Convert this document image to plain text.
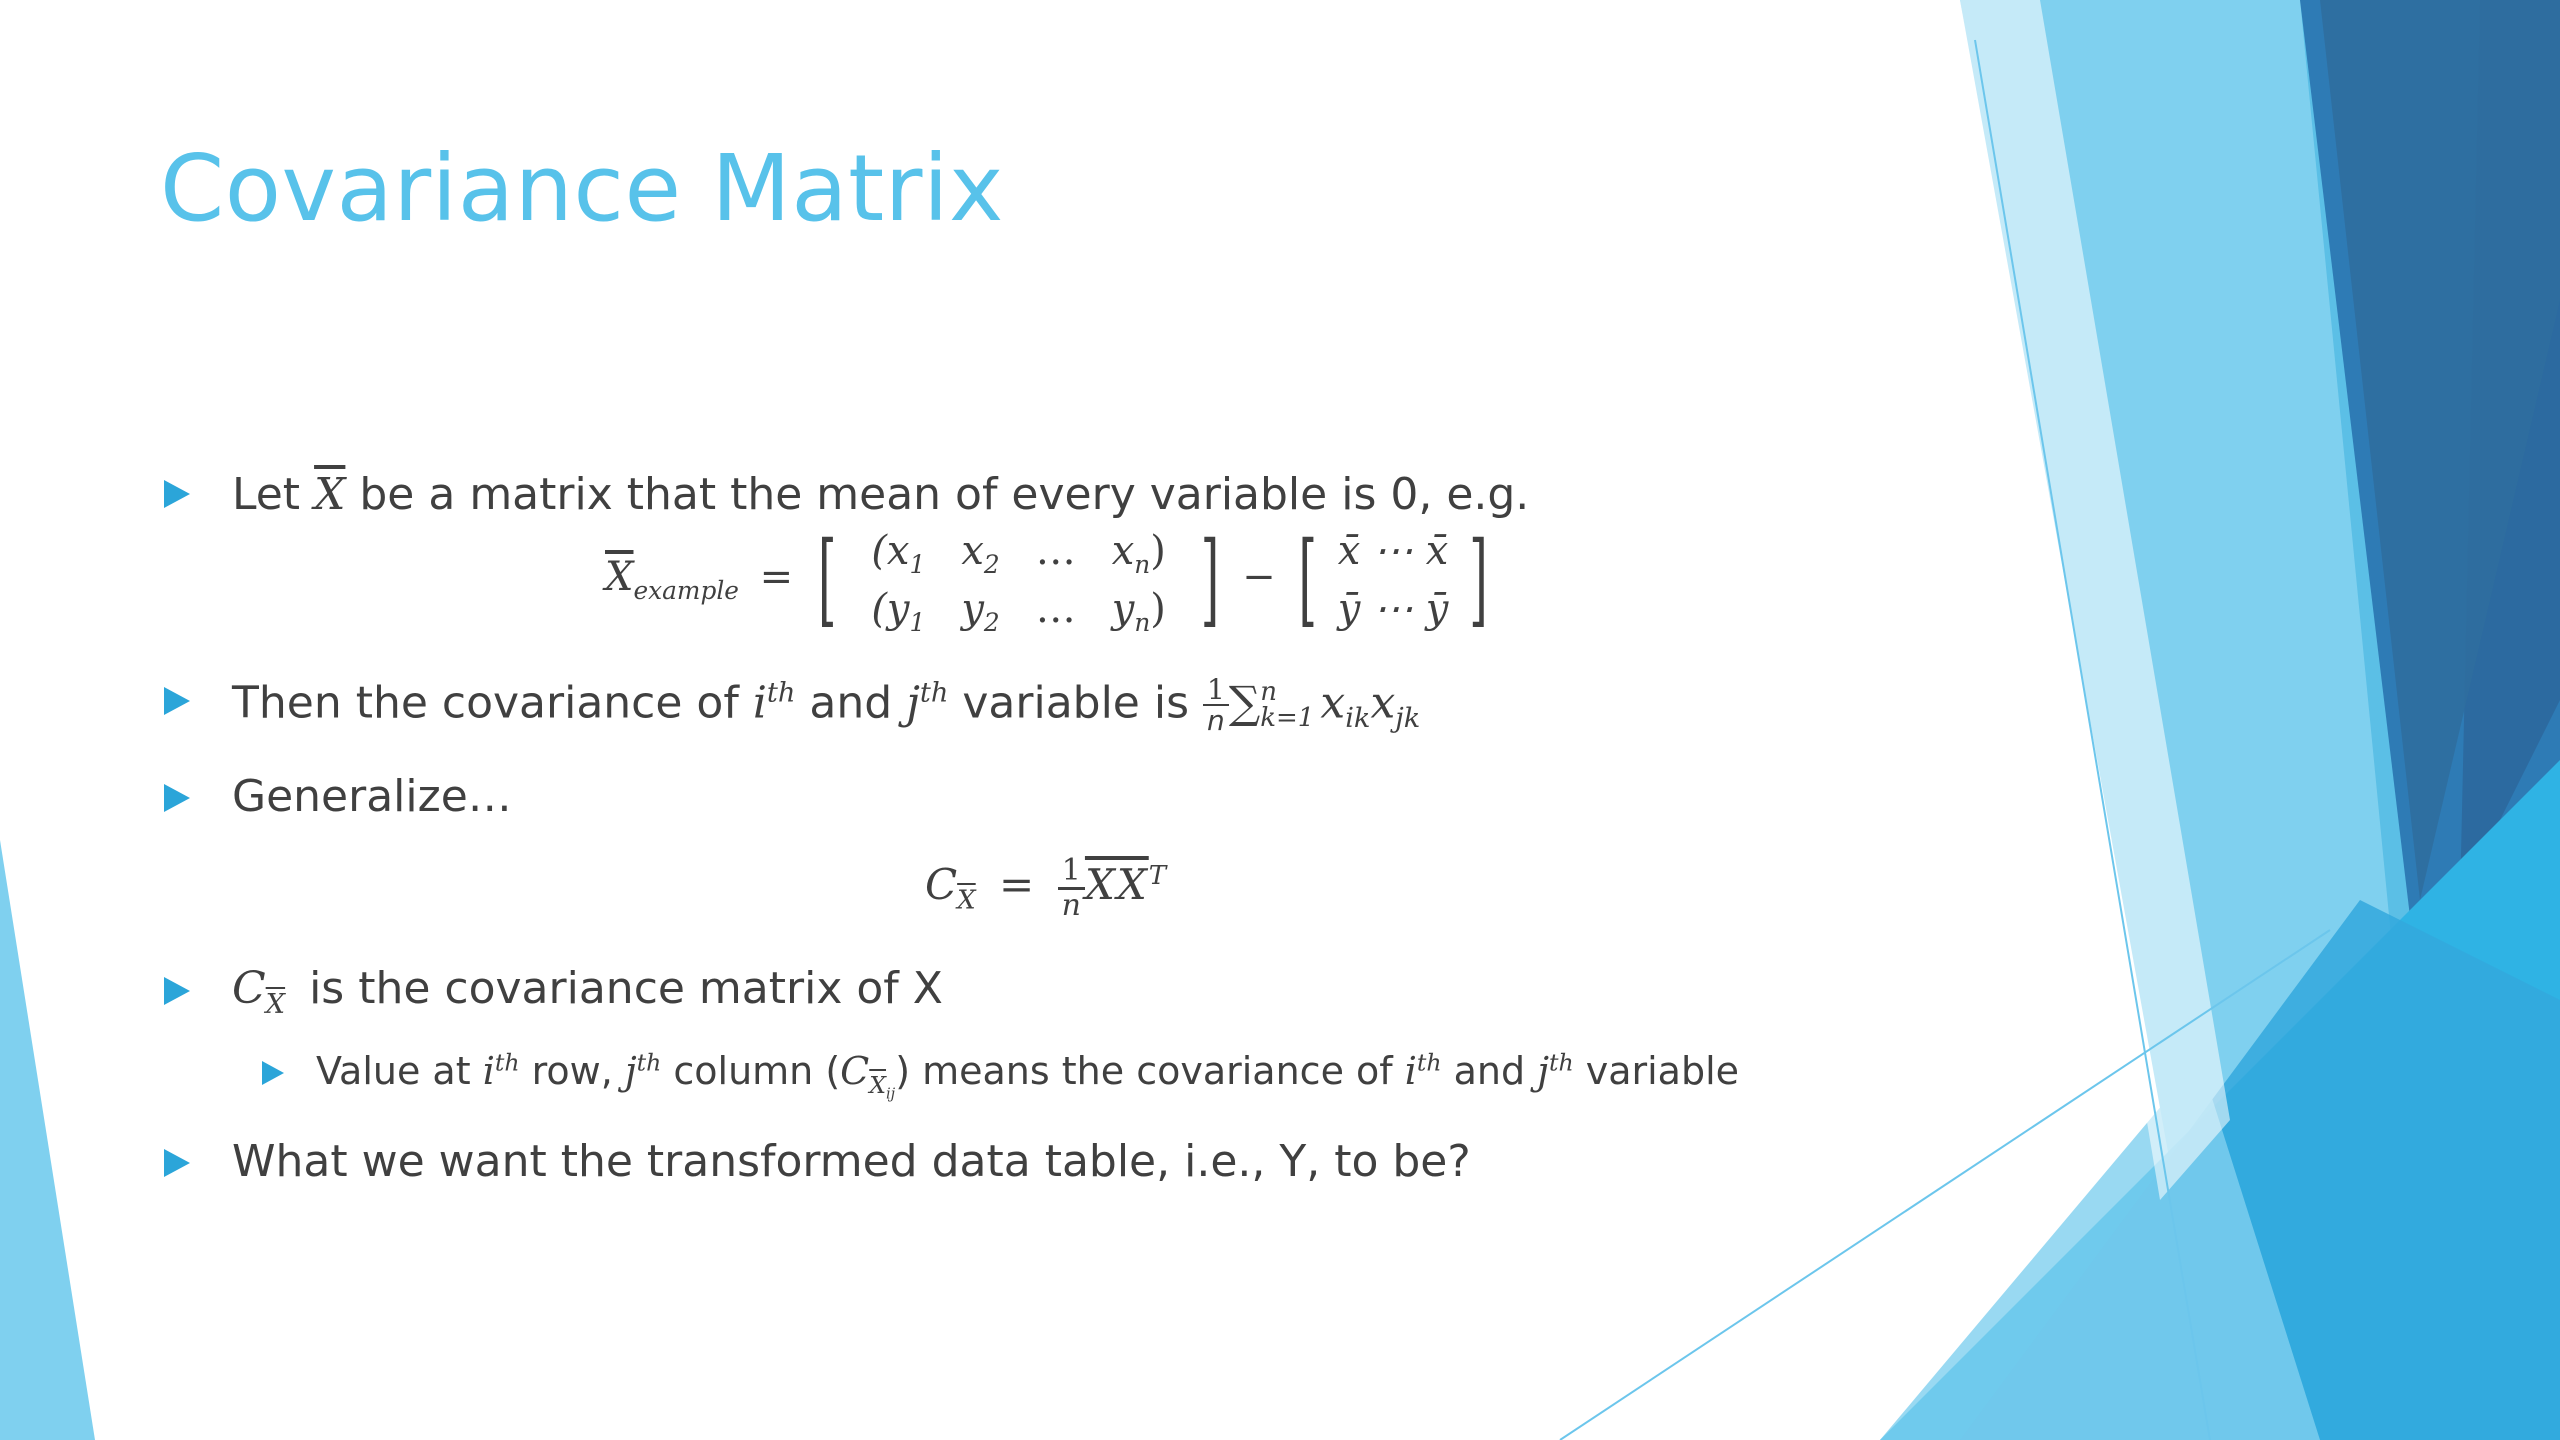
Covariance Matrix
Let $\overline{X}$ be a matrix that the mean of every variable is 0, e.g.
$\overline{X}_{example}$ = [ ($x_1$	$x_2$	…	$x_n$)
($y_1$	$y_2$	…	$y_n$) ] − [ x̄ ⋯ x̄
ȳ ⋯ ȳ ]
Then the covariance of $i^{th}$ and $j^{th}$ variable is $\frac{1}{n}$ ∑ n
k=1 $x_{ik}x_{jk}$
Generalize…
$C_{\overline{X}} = \frac{1}{n} \overline{XX}^T$
$C_{\overline{X}}$ is the covariance matrix of X
Value at $i^{th}$ row, $j^{th}$ column $(C_{\overline{X}_{ij}})$ means the covariance of $i^{th}$ and $j^{th}$ variable
What we want the transformed data table, i.e., Y, to be?
